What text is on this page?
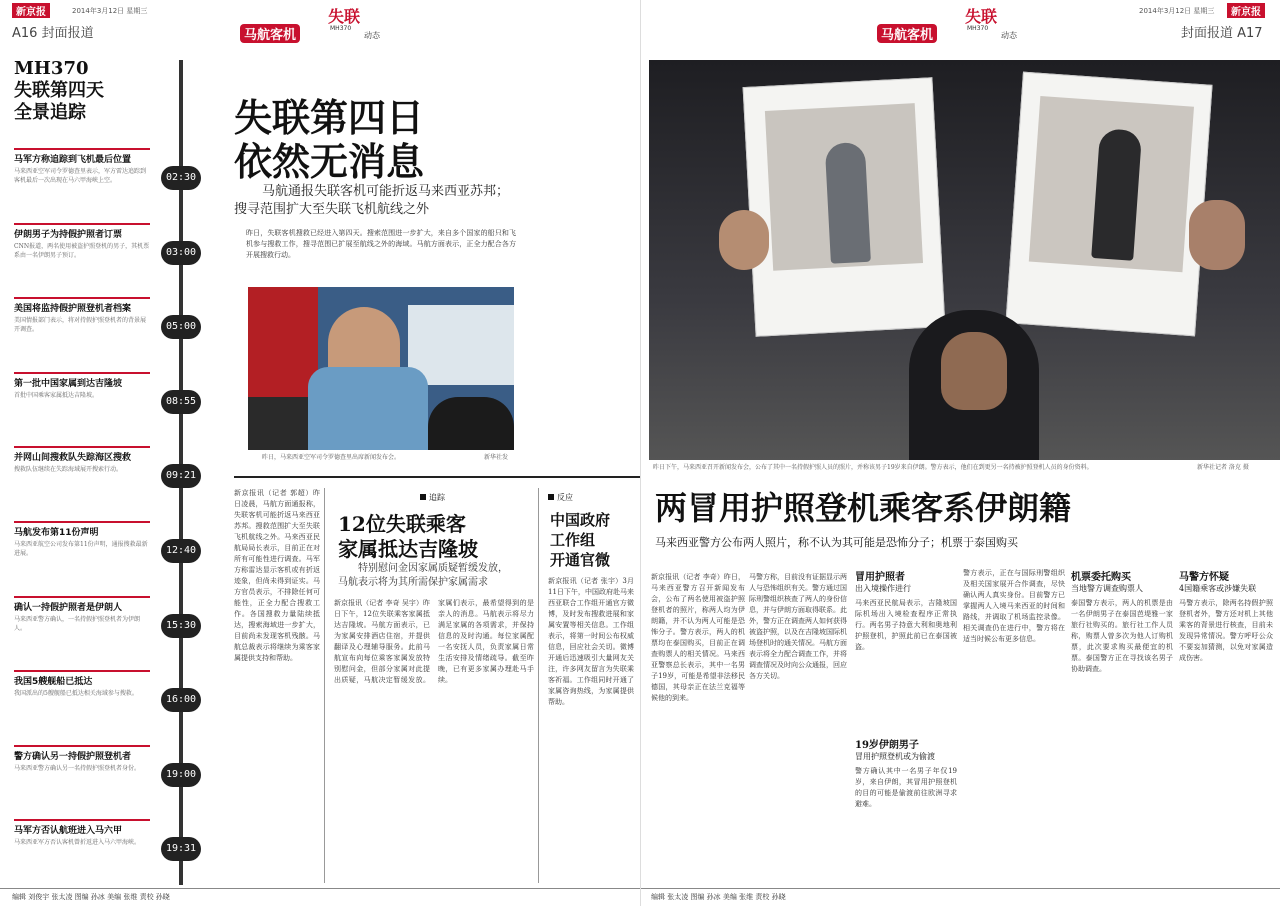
2014年3月12日 星期三
新京报
A16 封面报道	马航客机
失联
MH370
动态
MH370
失联第四天
全景追踪
马军方称追踪到飞机最后位置
马来西亚空军司令罗德查里表示，军方雷达追踪到客机最后一次出现在马六甲海峡上空。	02:30
伊朗男子为持假护照者订票
CNN报道，两名使用被盗护照登机的男子，其机票系由一名伊朗男子预订。	03:00
美国将监持假护照登机者档案
美国情报部门表示，将对持假护照登机者的背景展开调查。	05:00
第一批中国家属到达吉隆坡
首批中国乘客家属抵达吉隆坡。
08:55
并网山间搜救队失踪海区搜救
搜救队伍继续在失踪海域展开搜索行动。
09:21
马航发布第11份声明
马来西亚航空公司发布第11份声明，通报搜救最新进展。	12:40
确认一持假护照者是伊朗人
马来西亚警方确认，一名持假护照登机者为伊朗人。	15:30
我国5艘舰船已抵达
我国派出的5艘舰船已抵达相关海域参与搜救。
16:00
警方确认另一持假护照登机者
马来西亚警方确认另一名持假护照登机者身份。
19:00
马军方否认航班进入马六甲
马来西亚军方否认客机曾折返进入马六甲海峡。
19:31
失联第四日
依然无消息
马航通报失联客机可能折返马来西亚苏邦；
搜寻范围扩大至失联飞机航线之外
昨日，失联客机搜救已经进入第四天。搜索范围进一步扩大，来自多个国家的船只和飞机参与搜救工作，搜寻范围已扩展至航线之外的海域。马航方面表示，正全力配合各方开展搜救行动。
昨日，马来西亚空军司令罗德查里出席新闻发布会。	新华社发
新京报讯（记者 郭超）昨日凌晨，马航方面通报称，失联客机可能折返马来西亚苏邦。搜救范围扩大至失联飞机航线之外。马来西亚民航局局长表示，目前正在对所有可能性进行调查。马军方称雷达显示客机或有折返迹象，但尚未得到证实。马方官员表示，不排除任何可能性，正全力配合搜救工作。各国搜救力量陆续抵达，搜索海域进一步扩大，目前尚未发现客机残骸。马航总裁表示将继续为乘客家属提供支持和帮助。
追踪
12位失联乘客
家属抵达吉隆坡
特别慰问金因家属质疑暂缓发放，
马航表示将为其所需保护家属需求
新京报讯（记者 李奇 吴宇）昨日下午，12位失联乘客家属抵达吉隆坡。马航方面表示，已为家属安排酒店住宿，并提供翻译及心理辅导服务。此前马航宣布向每位乘客家属发放特别慰问金，但部分家属对此提出质疑，马航决定暂缓发放。家属们表示，最希望得到的是亲人的消息。马航表示将尽力满足家属的各项需求，并保持信息的及时沟通。每位家属配一名安抚人员，负责家属日常生活安排及情绪疏导。截至昨晚，已有更多家属办理赴马手续。
反应
中国政府
工作组
开通官微
新京报讯（记者 张宇）3月11日下午，中国政府赴马来西亚联合工作组开通官方微博，及时发布搜救进展和家属安置等相关信息。工作组表示，将第一时间公布权威信息，回应社会关切。微博开通后迅速吸引大量网友关注，许多网友留言为失联乘客祈福。工作组同时开通了家属咨询热线，为家属提供帮助。
编辑 刘俊宇 张太凌 图编 孙冰 美编 张维 责校 孙晓
马航客机
失联
MH370
动态
2014年3月12日 星期三	新京报
封面报道 A17
昨日下午，马来西亚召开新闻发布会，公布了其中一名持假护照人员的照片，并称该男子19岁来自伊朗。警方表示，他们在到更另一名持被护照登机人员的身份资料。	新华社记者 洛克 摄
两冒用护照登机乘客系伊朗籍
马来西亚警方公布两人照片，称不认为其可能是恐怖分子；机票于泰国购买
新京报讯（记者 李奇）昨日，马来西亚警方召开新闻发布会，公布了两名使用被盗护照登机者的照片，称两人均为伊朗籍，并不认为两人可能是恐怖分子。警方表示，两人的机票均在泰国购买，目前正在调查购票人的相关情况。马来西亚警察总长表示，其中一名男子19岁，可能是希望非法移民德国，其母亲正在法兰克福等候他的到来。
马警方称，目前没有证据显示两人与恐怖组织有关。警方通过国际刑警组织核查了两人的身份信息，并与伊朗方面取得联系。此外，警方正在调查两人如何获得被盗护照，以及在吉隆坡国际机场登机时的通关情况。马航方面表示将全力配合调查工作，并将调查情况及时向公众通报，回应各方关切。
冒用护照者
出入境操作进行
马来西亚民航局表示，吉隆坡国际机场出入境检查程序正常执行。两名男子持意大利和奥地利护照登机，护照此前已在泰国被盗。
19岁伊朗男子
冒用护照登机或为偷渡
警方确认其中一名男子年仅19岁，来自伊朗，其冒用护照登机的目的可能是偷渡前往欧洲寻求避难。
警方表示，正在与国际刑警组织及相关国家展开合作调查，尽快确认两人真实身份。目前警方已掌握两人入境马来西亚的时间和路线，并调取了机场监控录像。相关调查仍在进行中，警方将在适当时候公布更多信息。
机票委托购买
当地警方调查购票人
泰国警方表示，两人的机票是由一名伊朗男子在泰国芭堤雅一家旅行社购买的。旅行社工作人员称，购票人曾多次为他人订购机票，此次要求购买最便宜的机票。泰国警方正在寻找该名男子协助调查。
马警方怀疑
4国籍乘客或涉嫌失联
马警方表示，除两名持假护照登机者外，警方还对机上其他乘客的背景进行核查，目前未发现异常情况。警方呼吁公众不要妄加猜测，以免对家属造成伤害。
编辑 张太凌 图编 孙冰 美编 张维 责校 孙晓
